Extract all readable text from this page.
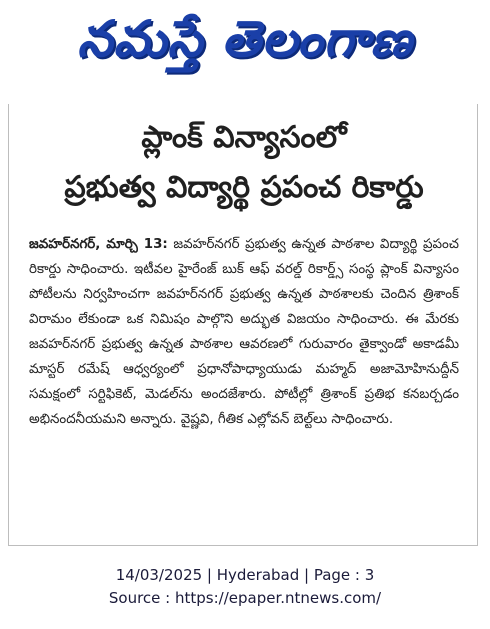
నమస్తే తెలంగాణ
ప్లాంక్ విన్యాసంలో
ప్రభుత్వ విద్యార్థి ప్రపంచ రికార్డు
జవహర్‌నగర్, మార్చి 13: జవహర్‌నగర్ ప్రభుత్వ ఉన్నత పాఠశాల విద్యార్థి ప్రపంచ రికార్డు సాధించారు. ఇటీవల హైరేంజ్ బుక్ ఆఫ్ వరల్డ్ రికార్డ్స్ సంస్థ ప్లాంక్ విన్యాసం పోటీలను నిర్వహించగా జవహర్‌నగర్ ప్రభుత్వ ఉన్నత పాఠశాలకు చెందిన త్రిశాంక్ విరామం లేకుండా ఒక నిమిషం పాల్గొని అద్భుత విజయం సాధించారు. ఈ మేరకు జవహర్‌నగర్ ప్రభుత్వ ఉన్నత పాఠశాల ఆవరణలో గురువారం తైక్వాండో అకాడమీ మాస్టర్ రమేష్ ఆధ్వర్యంలో ప్రధానోపాధ్యాయుడు మహ్మద్ అజామోహినుద్దీన్ సమక్షంలో సర్టిఫికెట్, మెడల్‌ను అందజేశారు. పోటీల్లో త్రిశాంక్ ప్రతిభ కనబర్చడం అభినందనీయమని అన్నారు. వైష్ణవి, గీతిక ఎల్లోవన్ బెల్ట్‌లు సాధించారు.
14/03/2025 | Hyderabad | Page : 3
Source : https://epaper.ntnews.com/
